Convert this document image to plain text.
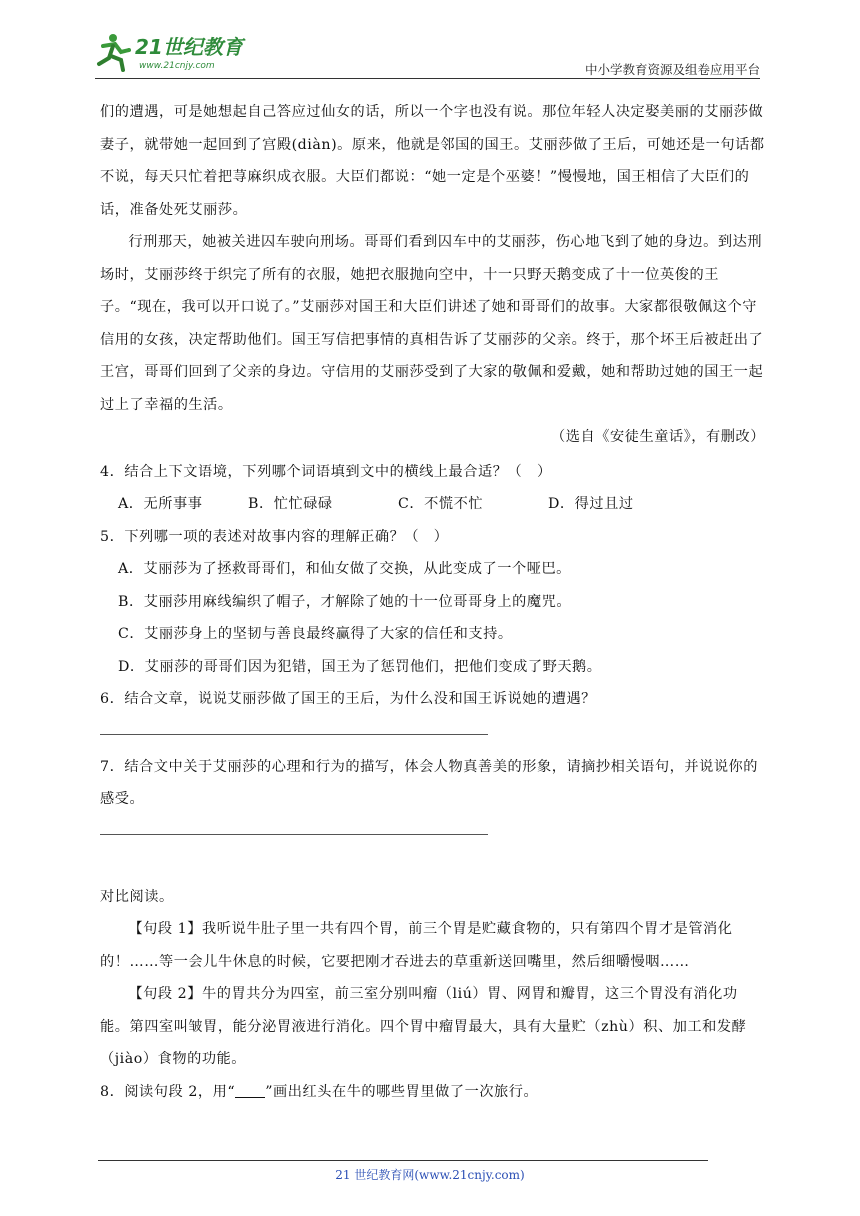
21世纪教育
www.21cnjy.com	中小学教育资源及组卷应用平台

们的遭遇，可是她想起自己答应过仙女的话，所以一个字也没有说。那位年轻人决定娶美丽的艾丽莎做妻子，就带她一起回到了宫殿(diàn)。原来，他就是邻国的国王。艾丽莎做了王后，可她还是一句话都不说，每天只忙着把荨麻织成衣服。大臣们都说：“她一定是个巫婆！”慢慢地，国王相信了大臣们的话，准备处死艾丽莎。

行刑那天，她被关进囚车驶向刑场。哥哥们看到囚车中的艾丽莎，伤心地飞到了她的身边。到达刑场时，艾丽莎终于织完了所有的衣服，她把衣服抛向空中，十一只野天鹅变成了十一位英俊的王子。“现在，我可以开口说了。”艾丽莎对国王和大臣们讲述了她和哥哥们的故事。大家都很敬佩这个守信用的女孩，决定帮助他们。国王写信把事情的真相告诉了艾丽莎的父亲。终于，那个坏王后被赶出了王宫，哥哥们回到了父亲的身边。守信用的艾丽莎受到了大家的敬佩和爱戴，她和帮助过她的国王一起过上了幸福的生活。

（选自《安徒生童话》，有删改）

4．结合上下文语境，下列哪个词语填到文中的横线上最合适？（　）

A．无所事事	B．忙忙碌碌	C．不慌不忙	D．得过且过

5．下列哪一项的表述对故事内容的理解正确？（　）

A．艾丽莎为了拯救哥哥们，和仙女做了交换，从此变成了一个哑巴。

B．艾丽莎用麻线编织了帽子，才解除了她的十一位哥哥身上的魔咒。

C．艾丽莎身上的坚韧与善良最终赢得了大家的信任和支持。

D．艾丽莎的哥哥们因为犯错，国王为了惩罚他们，把他们变成了野天鹅。

6．结合文章，说说艾丽莎做了国王的王后，为什么没和国王诉说她的遭遇？

7．结合文中关于艾丽莎的心理和行为的描写，体会人物真善美的形象，请摘抄相关语句，并说说你的感受。

对比阅读。

【句段 1】我听说牛肚子里一共有四个胃，前三个胃是贮藏食物的，只有第四个胃才是管消化的！……等一会儿牛休息的时候，它要把刚才吞进去的草重新送回嘴里，然后细嚼慢咽……

【句段 2】牛的胃共分为四室，前三室分别叫瘤（liú）胃、网胃和瓣胃，这三个胃没有消化功能。第四室叫皱胃，能分泌胃液进行消化。四个胃中瘤胃最大，具有大量贮（zhù）积、加工和发酵（jiào）食物的功能。

8．阅读句段 2，用“ ”画出红头在牛的哪些胃里做了一次旅行。

21 世纪教育网(www.21cnjy.com)
